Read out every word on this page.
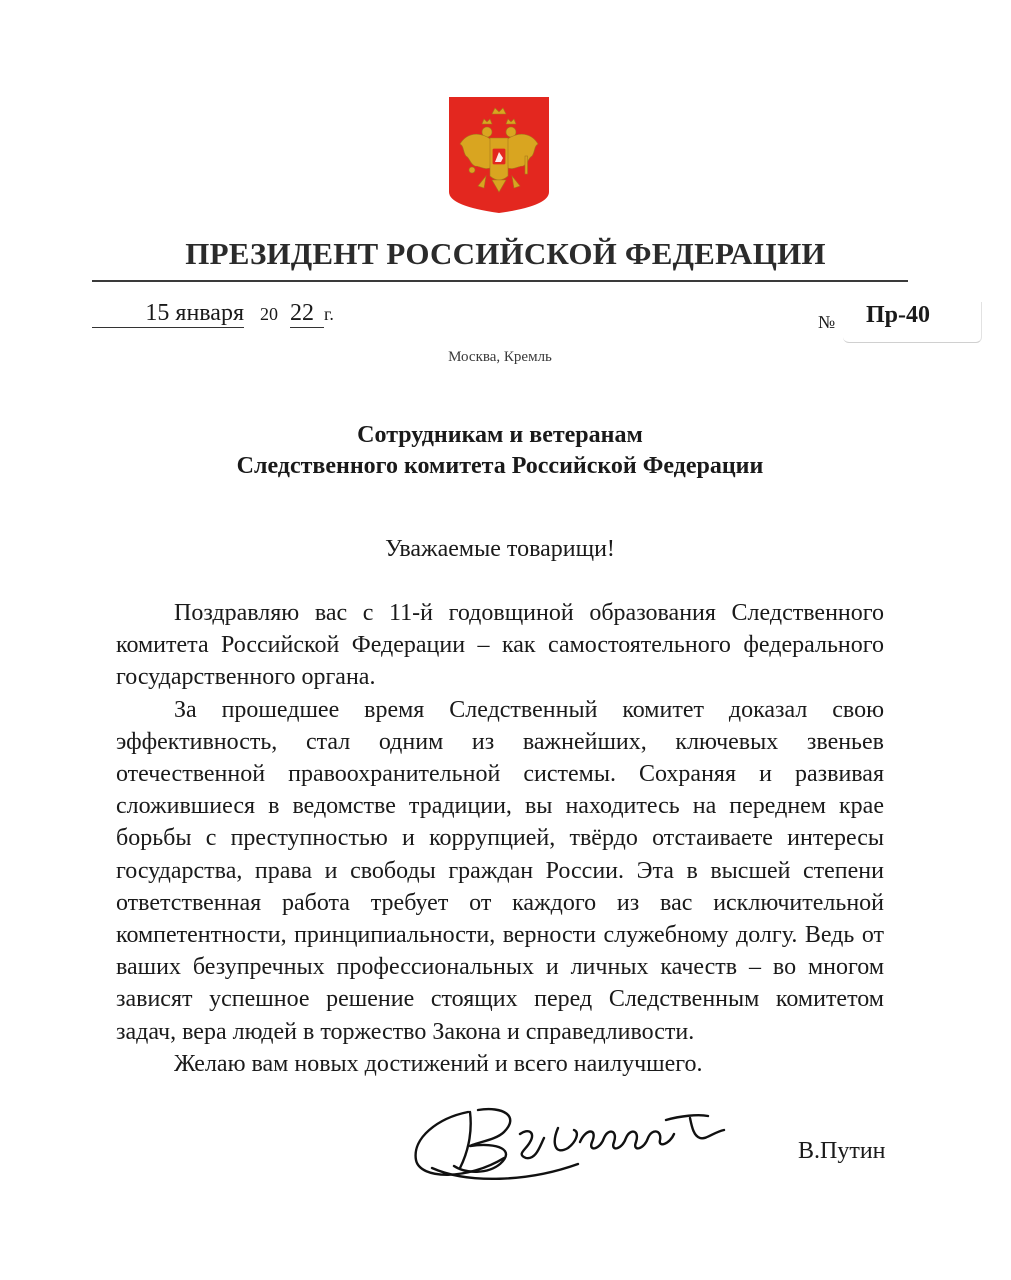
ПРЕЗИДЕНТ РОССИЙСКОЙ ФЕДЕРАЦИИ
15 января 20 22 г.	№ Пр-40
Москва, Кремль
Сотрудникам и ветеранам
Следственного комитета Российской Федерации
Уважаемые товарищи!

Поздравляю вас с 11-й годовщиной образования Следственного комитета Российской Федерации – как самостоятельного федерального государственного органа.

За прошедшее время Следственный комитет доказал свою эффективность, стал одним из важнейших, ключевых звеньев отечественной правоохранительной системы. Сохраняя и развивая сложившиеся в ведомстве традиции, вы находитесь на переднем крае борьбы с преступностью и коррупцией, твёрдо отстаиваете интересы государства, права и свободы граждан России. Эта в высшей степени ответственная работа требует от каждого из вас исключительной компетентности, принципиальности, верности служебному долгу. Ведь от ваших безупречных профессиональных и личных качеств – во многом зависят успешное решение стоящих перед Следственным комитетом задач, вера людей в торжество Закона и справедливости.

Желаю вам новых достижений и всего наилучшего.

В.Путин
